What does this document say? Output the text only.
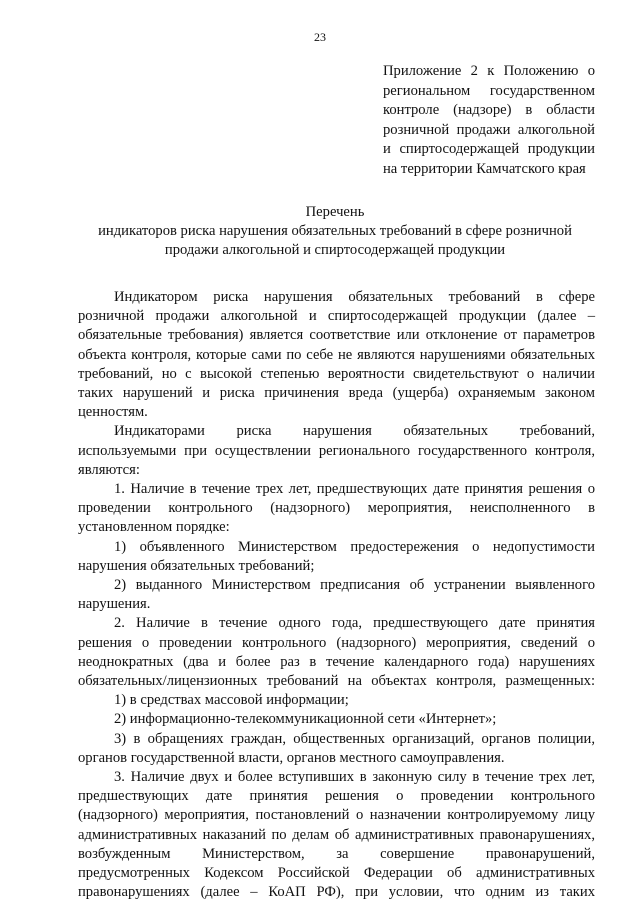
23
Приложение 2 к Положению о
региональном государственном
контроле (надзоре) в области
розничной продажи алкогольной
и спиртосодержащей продукции
на территории Камчатского края
Перечень
индикаторов риска нарушения обязательных требований в сфере розничной
продажи алкогольной и спиртосодержащей продукции
Индикатором риска нарушения обязательных требований в сфере
розничной продажи алкогольной и спиртосодержащей продукции (далее –
обязательные требования) является соответствие или отклонение от параметров
объекта контроля, которые сами по себе не являются нарушениями обязательных
требований, но с высокой степенью вероятности свидетельствуют о наличии
таких нарушений и риска причинения вреда (ущерба) охраняемым законом
ценностям.
Индикаторами риска нарушения обязательных требований,
используемыми при осуществлении регионального государственного контроля,
являются:
1. Наличие в течение трех лет, предшествующих дате принятия решения о
проведении контрольного (надзорного) мероприятия, неисполненного в
установленном порядке:
1) объявленного Министерством предостережения о недопустимости
нарушения обязательных требований;
2) выданного Министерством предписания об устранении выявленного
нарушения.
2. Наличие в течение одного года, предшествующего дате принятия
решения о проведении контрольного (надзорного) мероприятия, сведений о
неоднократных (два и более раз в течение календарного года) нарушениях
обязательных/лицензионных требований на объектах контроля, размещенных:
1) в средствах массовой информации;
2) информационно-телекоммуникационной сети «Интернет»;
3) в обращениях граждан, общественных организаций, органов полиции,
органов государственной власти, органов местного самоуправления.
3. Наличие двух и более вступивших в законную силу в течение трех лет,
предшествующих дате принятия решения о проведении контрольного
(надзорного) мероприятия, постановлений о назначении контролируемому лицу
административных наказаний по делам об административных правонарушениях,
возбужденным Министерством, за совершение правонарушений,
предусмотренных Кодексом Российской Федерации об административных
правонарушениях (далее – КоАП РФ), при условии, что одним из таких
